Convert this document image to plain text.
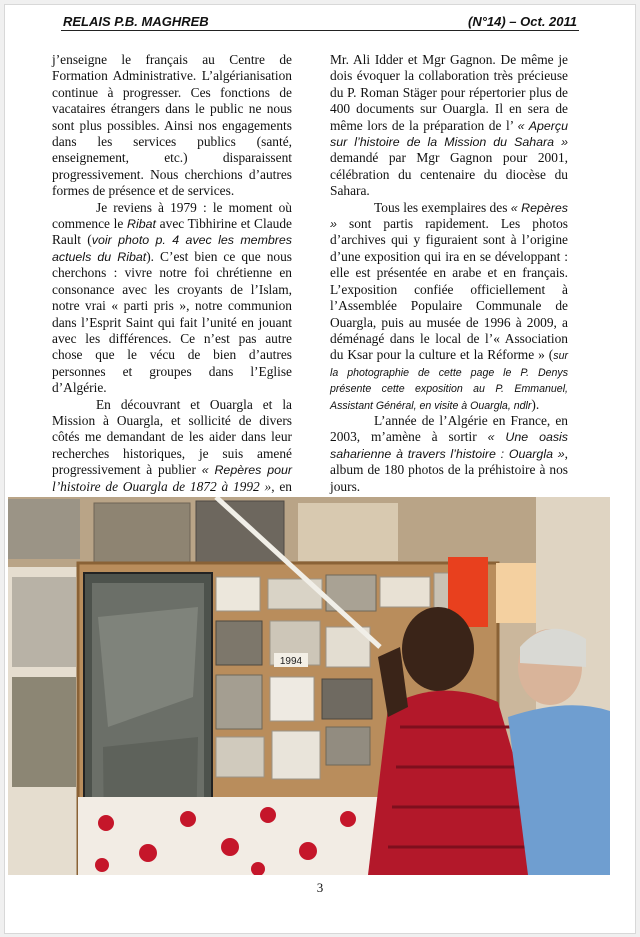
RELAIS P.B. MAGHREB	(N°14) – Oct. 2011

j’enseigne le français au Centre de Formation Administrative. L’algérianisation continue à progresser. Ces fonctions de vacataires étrangers dans le public ne nous sont plus possibles. Ainsi nos engagements dans les services publics (santé, enseignement, etc.) disparaissent progressivement. Nous cherchions d’autres formes de présence et de services.

Je reviens à 1979 : le moment où commence le Ribat avec Tibhirine et Claude Rault (voir photo p. 4 avec les membres actuels du Ribat). C’est bien ce que nous cherchons : vivre notre foi chrétienne en consonance avec les croyants de l’Islam, notre vrai « parti pris », notre communion dans l’Esprit Saint qui fait l’unité en jouant avec les différences. Ce n’est pas autre chose que le vécu de bien d’autres personnes et groupes dans l’Eglise d’Algérie.

En découvrant et Ouargla et la Mission à Ouargla, et sollicité de divers côtés me demandant de les aider dans leur recherches historiques, je suis amené progressivement à publier « Repères pour l’histoire de Ouargla de 1872 à 1992 », en

Mr. Ali Idder et Mgr Gagnon. De même je dois évoquer la collaboration très précieuse du P. Roman Stäger pour répertorier plus de 400 documents sur Ouargla. Il en sera de même lors de la préparation de l’ « Aperçu sur l’histoire de la Mission du Sahara » demandé par Mgr Gagnon pour 2001, célébration du centenaire du diocèse du Sahara.

Tous les exemplaires des « Repères » sont partis rapidement. Les photos d’archives qui y figuraient sont à l’origine d’une exposition qui ira en se développant : elle est présentée en arabe et en français. L’exposition confiée officiellement à l’Assemblée Populaire Communale de Ouargla, puis au musée de 1996 à 2009, a déménagé dans le local de l’« Association du Ksar pour la culture et la Réforme » (sur la photographie de cette page le P. Denys présente cette exposition au P. Emmanuel, Assistant Général, en visite à Ouargla, ndlr).

L’année de l’Algérie en France, en 2003, m’amène à sortir « Une oasis saharienne à travers l’histoire : Ouargla », album de 180 photos de la préhistoire à nos jours.

1994
3
